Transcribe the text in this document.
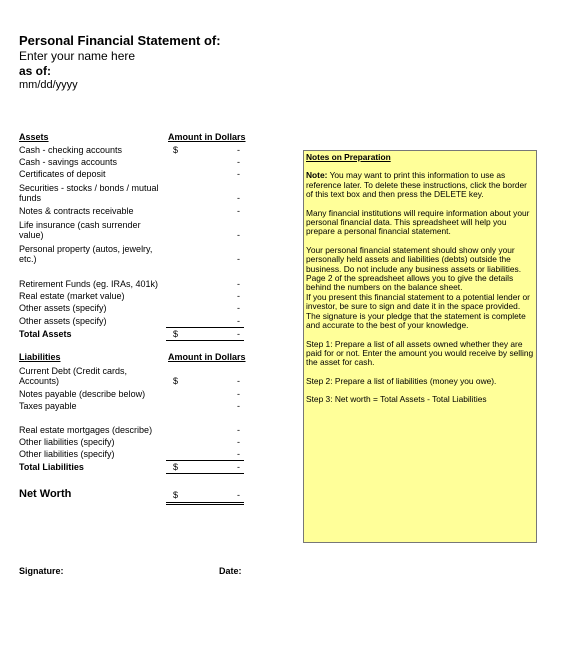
Personal Financial Statement of:
Enter your name here
as of:
mm/dd/yyyy
Assets	Amount in Dollars
Cash - checking accounts	$	-
Cash - savings accounts	-
Certificates of deposit	-
Securities - stocks / bonds / mutual
funds	-
Notes & contracts receivable	-
Life insurance (cash surrender
value)	-
Personal property (autos, jewelry,
etc.)	-
Retirement Funds (eg. IRAs, 401k)	-
Real estate (market value)	-
Other assets (specify)	-
Other assets (specify)	-
Total Assets	$	-
Liabilities	Amount in Dollars
Current Debt (Credit cards,
Accounts)	$	-
Notes payable (describe below)	-
Taxes payable	-
Real estate mortgages (describe)	-
Other liabilities (specify)	-
Other liabilities (specify)	-
Total Liabilities	$	-
Net Worth	$	-
Signature:	Date:

Notes on Preparation

Note: You may want to print this information to use as reference later. To delete these instructions, click the border of this text box and then press the DELETE key.

Many financial institutions will require information about your personal financial data. This spreadsheet will help you prepare a personal financial statement.

Your personal financial statement should show only your personally held assets and liabilities (debts) outside the business. Do not include any business assets or liabilities.

Page 2 of the spreadsheet allows you to give the details behind the numbers on the balance sheet.

If you present this financial statement to a potential lender or investor, be sure to sign and date it in the space provided. The signature is your pledge that the statement is complete and accurate to the best of your knowledge.

Step 1: Prepare a list of all assets owned whether they are paid for or not. Enter the amount you would receive by selling the asset for cash.

Step 2: Prepare a list of liabilities (money you owe).

Step 3: Net worth = Total Assets - Total Liabilities
